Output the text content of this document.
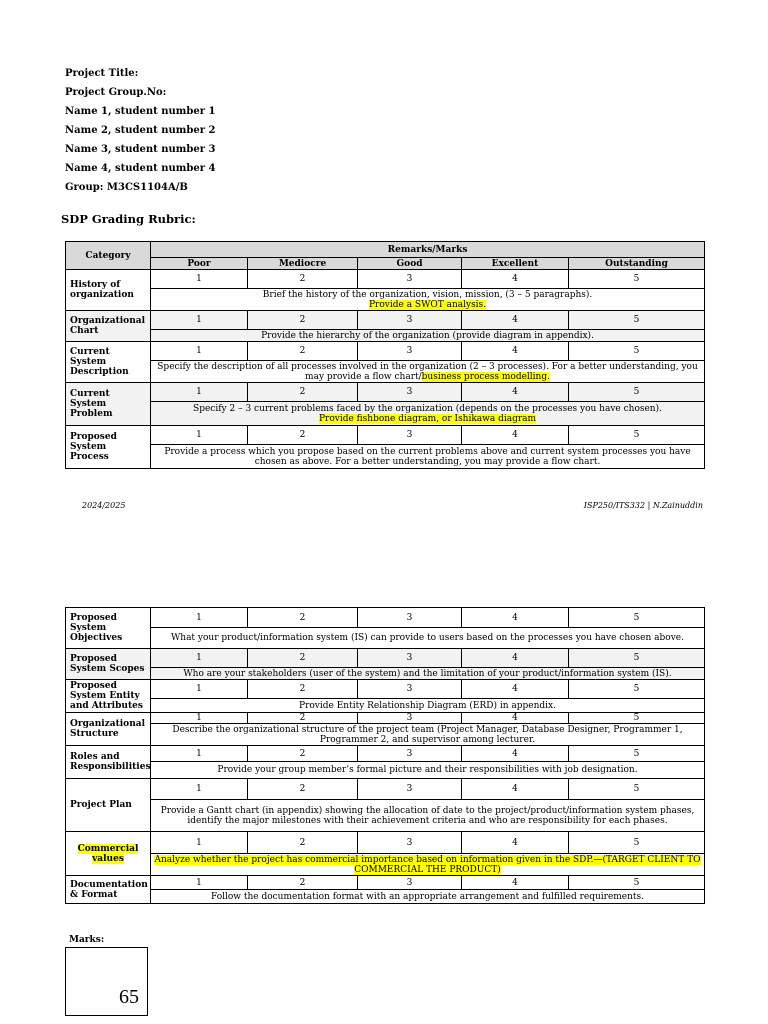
Project Title:
Project Group.No:
Name 1, student number 1
Name 2, student number 2
Name 3, student number 3
Name 4, student number 4
Group: M3CS1104A/B
SDP Grading Rubric:
Category	Remarks/Marks				
	Poor	Mediocre	Good	Excellent	Outstanding
History of organization	1	2	3	4	5
	Brief the history of the organization, vision, mission, (3 – 5 paragraphs).
Provide a SWOT analysis.				
Organizational Chart	1	2	3	4	5
	Provide the hierarchy of the organization (provide diagram in appendix).				
Current System Description	1	2	3	4	5
	Specify the description of all processes involved in the organization (2 – 3 processes). For a better understanding, you may provide a flow chart/business process modelling.				
Current System Problem	1	2	3	4	5
	Specify 2 – 3 current problems faced by the organization (depends on the processes you have chosen).
Provide fishbone diagram, or Ishikawa diagram				
Proposed System Process	1	2	3	4	5
	Provide a process which you propose based on the current problems above and current system processes you have chosen as above. For a better understanding, you may provide a flow chart.				
2024/2025	ISP250/ITS332 | N.Zainuddin
Proposed System Objectives	1	2	3	4	5
	What your product/information system (IS) can provide to users based on the processes you have chosen above.				
Proposed System Scopes	1	2	3	4	5
	Who are your stakeholders (user of the system) and the limitation of your product/information system (IS).				
Proposed System Entity and Attributes	1	2	3	4	5
	Provide Entity Relationship Diagram (ERD) in appendix.				
Organizational Structure	1	2	3	4	5
	Describe the organizational structure of the project team (Project Manager, Database Designer, Programmer 1, Programmer 2, and supervisor among lecturer.				
Roles and Responsibilities	1	2	3	4	5
	Provide your group member’s formal picture and their responsibilities with job designation.				
Project Plan	1	2	3	4	5
	Provide a Gantt chart (in appendix) showing the allocation of date to the project/product/information system phases, identify the major milestones with their achievement criteria and who are responsibility for each phases.				
Commercial values	1	2	3	4	5
	Analyze whether the project has commercial importance based on information given in the SDP.—(TARGET CLIENT TO COMMERCIAL THE PRODUCT)				
Documentation & Format	1	2	3	4	5
	Follow the documentation format with an appropriate arrangement and fulfilled requirements.				
Marks:
65
